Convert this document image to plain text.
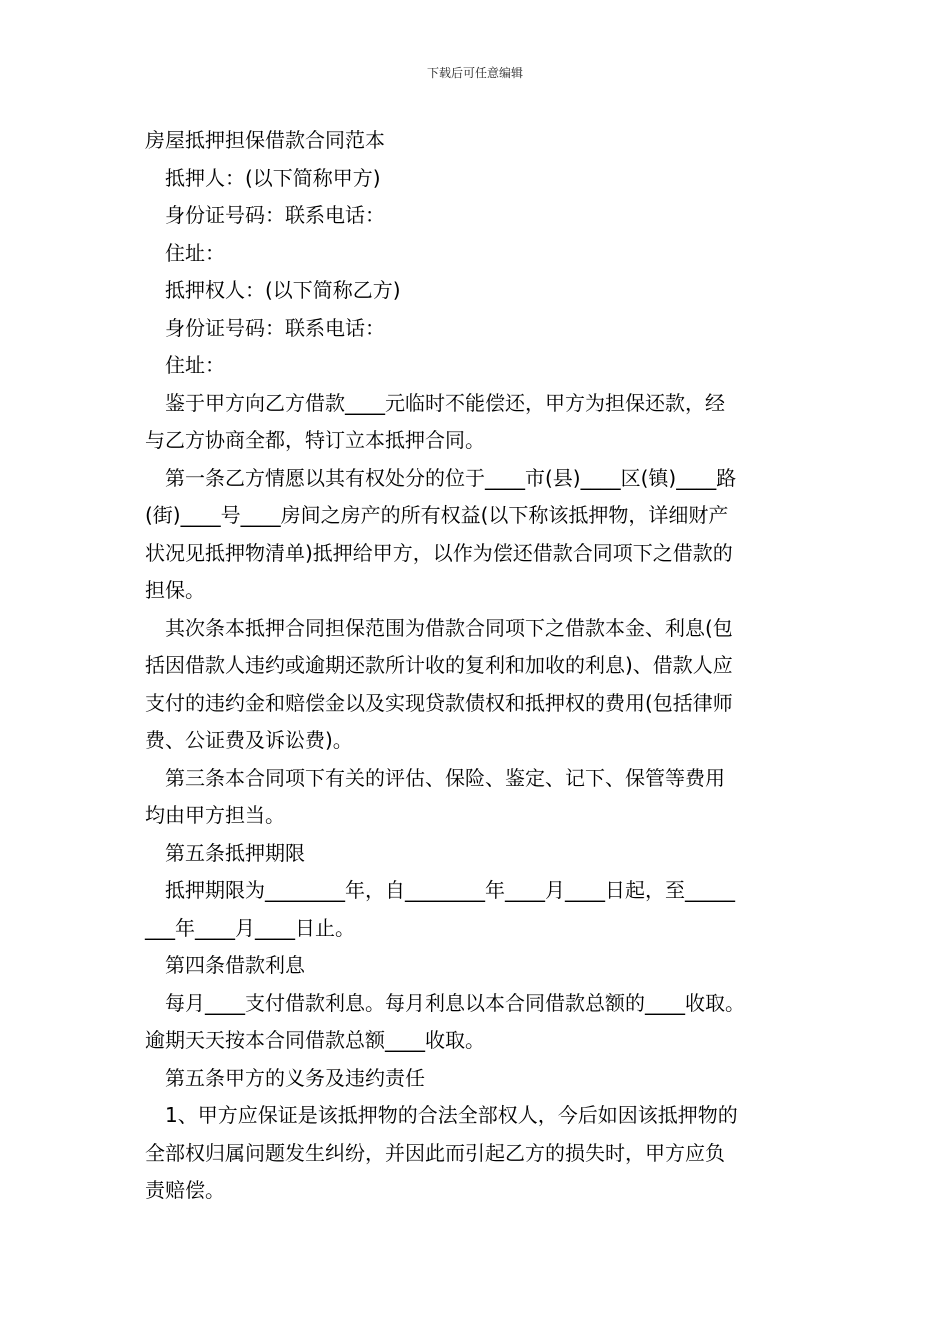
下载后可任意编辑
房屋抵押担保借款合同范本
抵押人：(以下简称甲方)
身份证号码：联系电话：
住址：
抵押权人：(以下简称乙方)
身份证号码：联系电话：
住址：
鉴于甲方向乙方借款____元临时不能偿还，甲方为担保还款，经
与乙方协商全都，特订立本抵押合同。
第一条乙方情愿以其有权处分的位于____市(县)____区(镇)____路
(街)____号____房间之房产的所有权益(以下称该抵押物，详细财产
状况见抵押物清单)抵押给甲方，以作为偿还借款合同项下之借款的
担保。
其次条本抵押合同担保范围为借款合同项下之借款本金、利息(包
括因借款人违约或逾期还款所计收的复利和加收的利息)、借款人应
支付的违约金和赔偿金以及实现贷款债权和抵押权的费用(包括律师
费、公证费及诉讼费)。
第三条本合同项下有关的评估、保险、鉴定、记下、保管等费用
均由甲方担当。
第五条抵押期限
抵押期限为________年，自________年____月____日起，至_____
___年____月____日止。
第四条借款利息
每月____支付借款利息。每月利息以本合同借款总额的____收取。
逾期天天按本合同借款总额____收取。
第五条甲方的义务及违约责任
1、甲方应保证是该抵押物的合法全部权人，今后如因该抵押物的
全部权归属问题发生纠纷，并因此而引起乙方的损失时，甲方应负
责赔偿。
